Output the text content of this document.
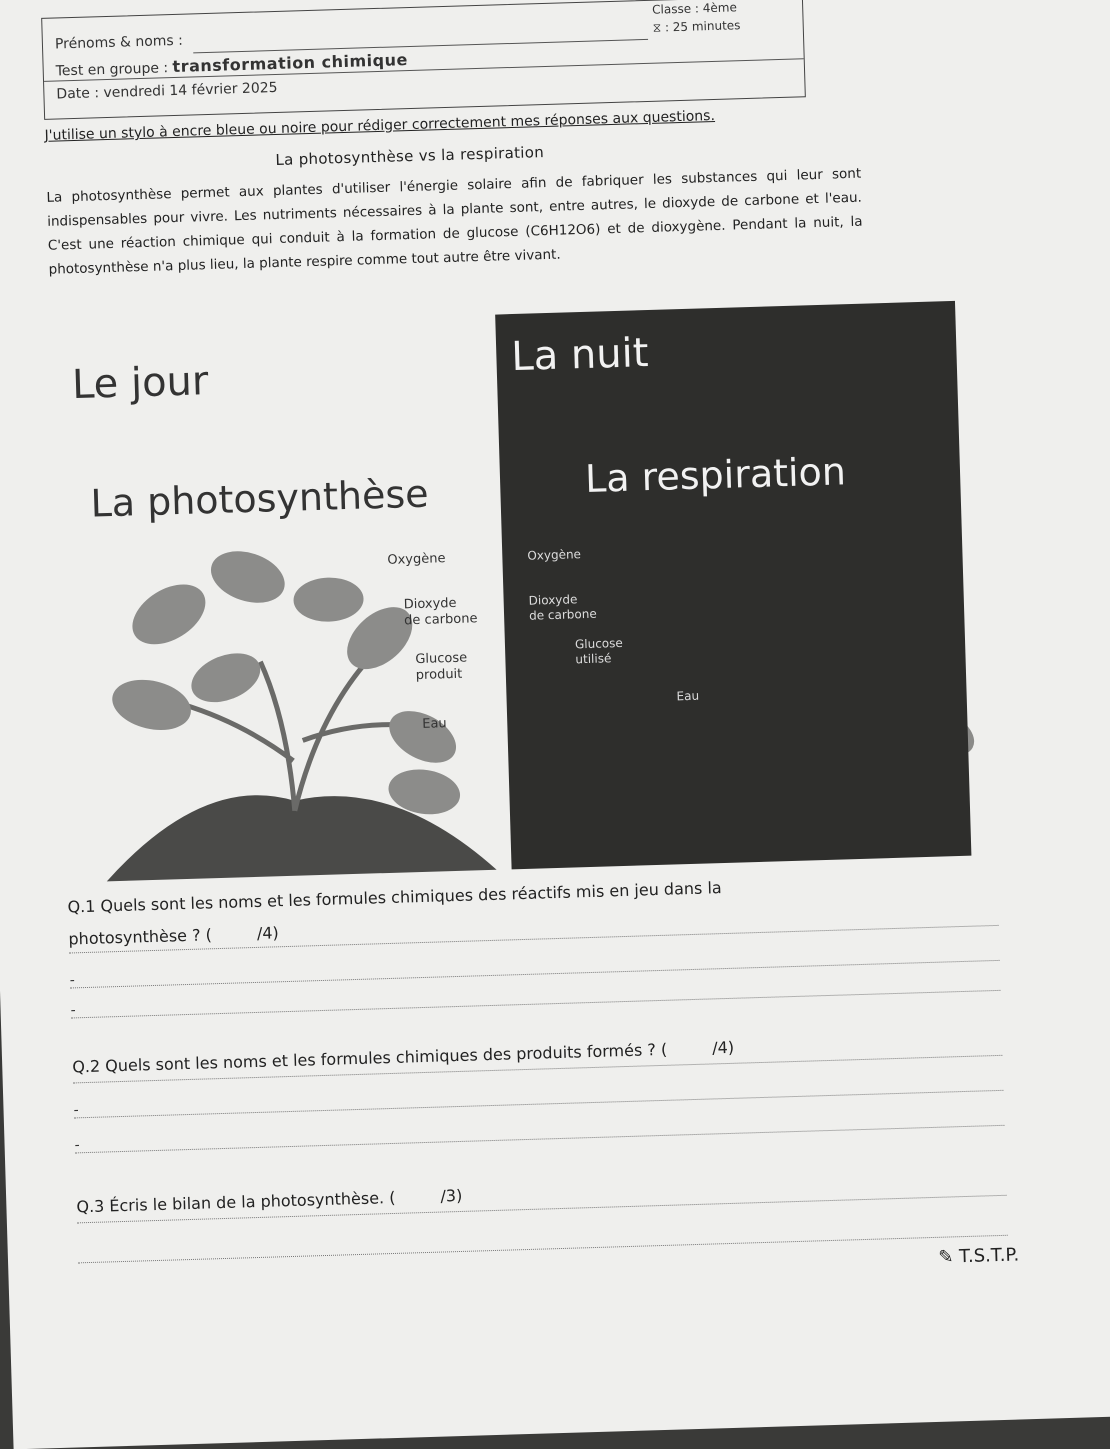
Classe : 4ème
⧖ : 25 minutes
Prénoms & noms :
Test en groupe : transformation chimique
Date : vendredi 14 février 2025
J'utilise un stylo à encre bleue ou noire pour rédiger correctement mes réponses aux questions.
La photosynthèse vs la respiration
La photosynthèse permet aux plantes d'utiliser l'énergie solaire afin de fabriquer les substances qui leur sont indispensables pour vivre. Les nutriments nécessaires à la plante sont, entre autres, le dioxyde de carbone et l'eau. C'est une réaction chimique qui conduit à la formation de glucose (C6H12O6) et de dioxygène. Pendant la nuit, la photosynthèse n'a plus lieu, la plante respire comme tout autre être vivant.
Le jour
La photosynthèse
La nuit
La respiration
Oxygène
Dioxyde
de carbone
Glucose
produit
Eau
Oxygène
Dioxyde
de carbone
Glucose
utilisé
Eau
Q.1 Quels sont les noms et les formules chimiques des réactifs mis en jeu dans la
photosynthèse ? (	/4)
-
-
Q.2 Quels sont les noms et les formules chimiques des produits formés ? (	/4)
-
-
Q.3 Écris le bilan de la photosynthèse. (	/3)
✎ T.S.T.P.
